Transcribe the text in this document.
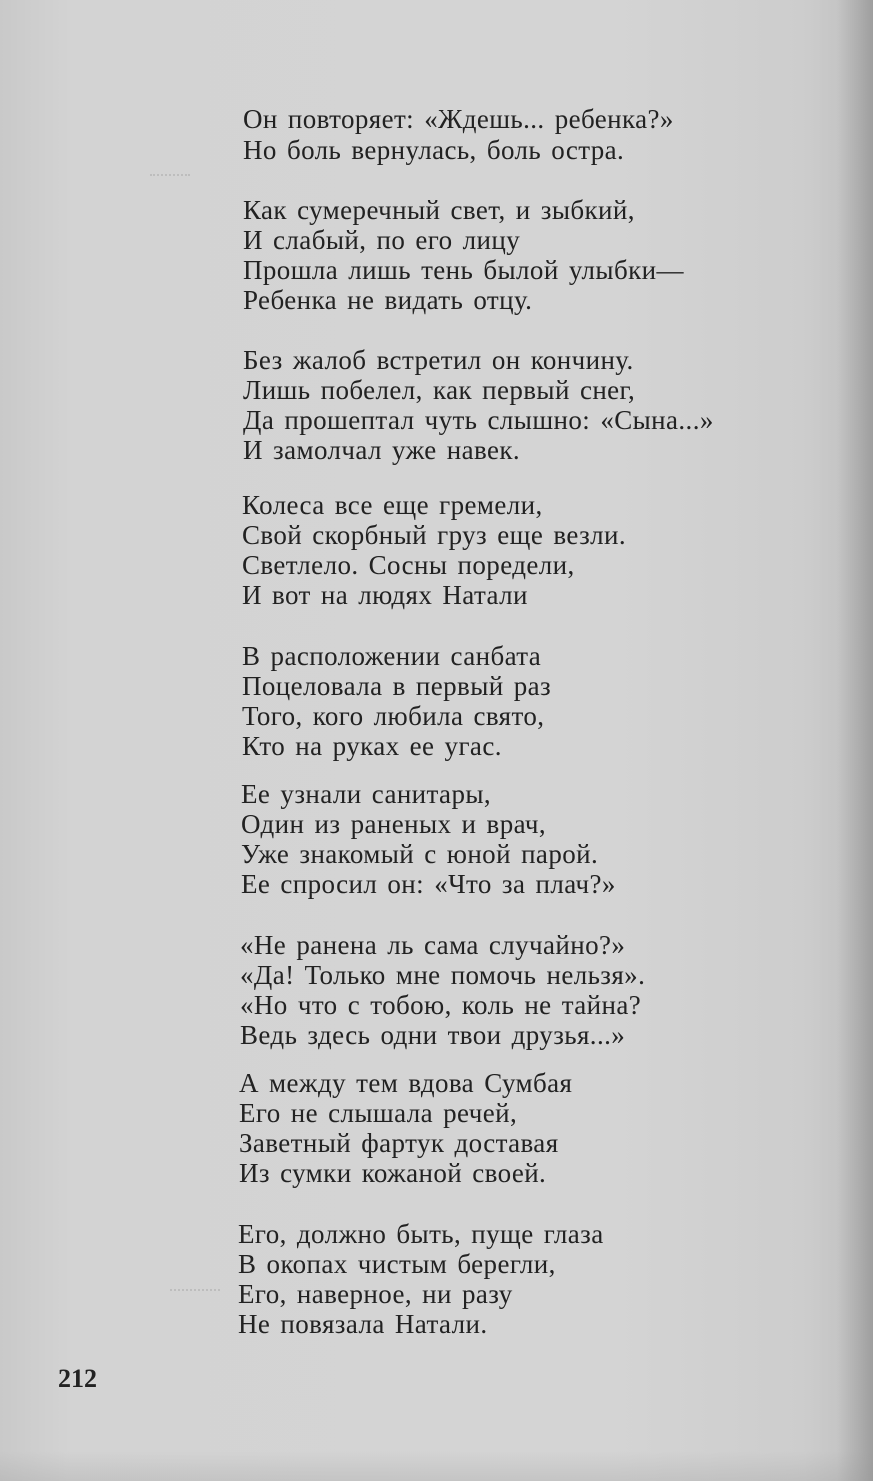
Он повторяет: «Ждешь... ребенка?»
Но боль вернулась, боль остра.
Как сумеречный свет, и зыбкий,
И слабый, по его лицу
Прошла лишь тень былой улыбки—
Ребенка не видать отцу.
Без жалоб встретил он кончину.
Лишь побелел, как первый снег,
Да прошептал чуть слышно: «Сына...»
И замолчал уже навек.
Колеса все еще гремели,
Свой скорбный груз еще везли.
Светлело. Сосны поредели,
И вот на людях Натали
В расположении санбата
Поцеловала в первый раз
Того, кого любила свято,
Кто на руках ее угас.
Ее узнали санитары,
Один из раненых и врач,
Уже знакомый с юной парой.
Ее спросил он: «Что за плач?»
«Не ранена ль сама случайно?»
«Да! Только мне помочь нельзя».
«Но что с тобою, коль не тайна?
Ведь здесь одни твои друзья...»
А между тем вдова Сумбая
Его не слышала речей,
Заветный фартук доставая
Из сумки кожаной своей.
Его, должно быть, пуще глаза
В окопах чистым берегли,
Его, наверное, ни разу
Не повязала Натали.
212
